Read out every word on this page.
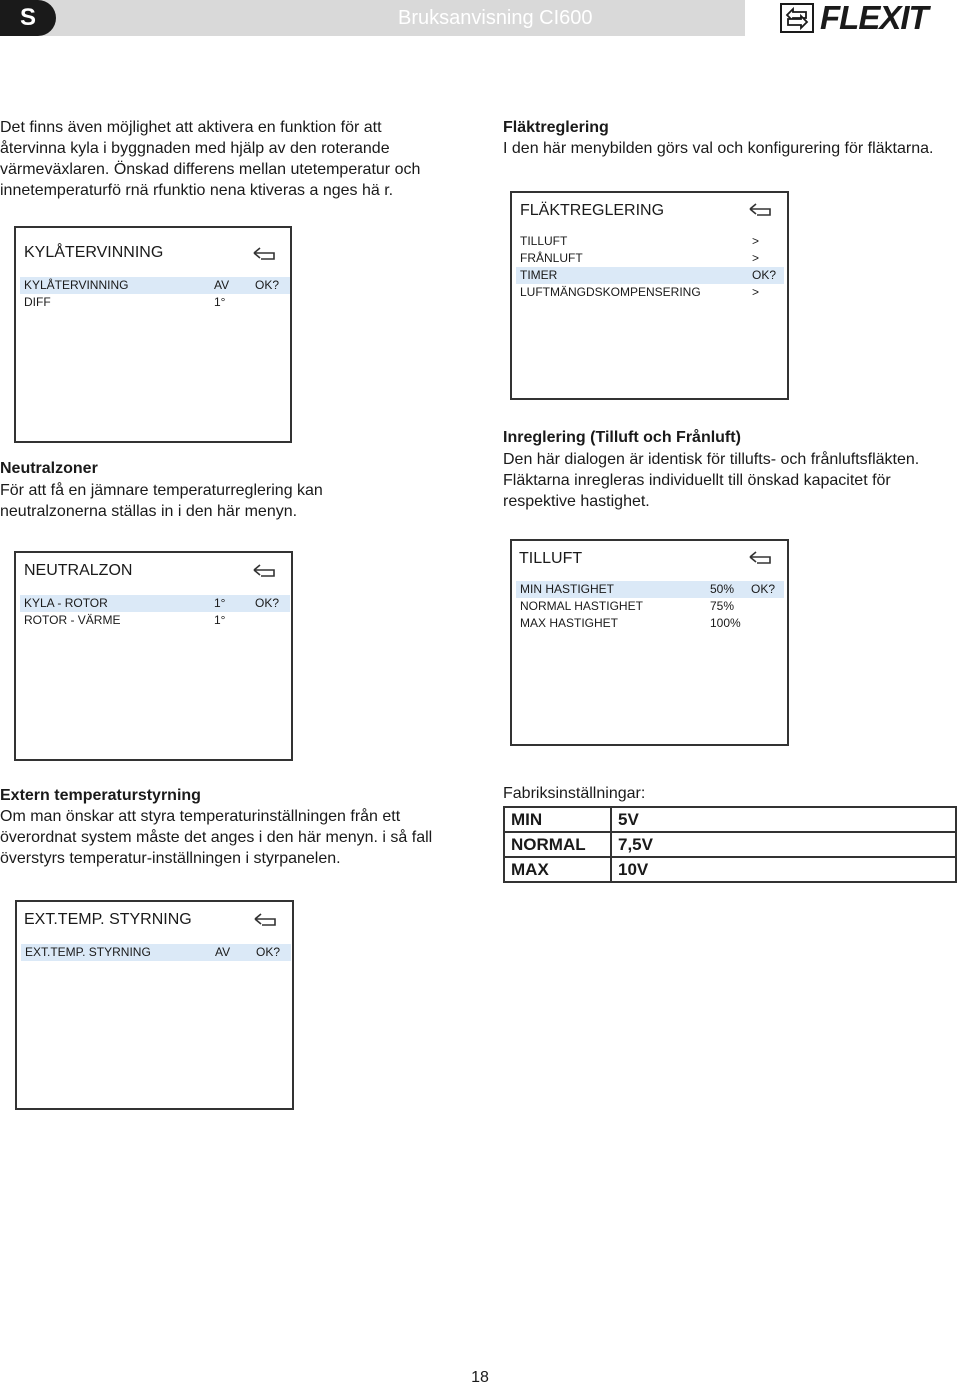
S	Bruksanvisning CI600	FLEXIT
Det finns även möjlighet att aktivera en funktion för att återvinna kyla i byggnaden med hjälp av den roterande värmeväxlaren. Önskad differens mellan utetemperatur och innetemperaturfö rnä rfunktio nena ktiveras a nges hä r.
KYLÅTERVINNING
KYLÅTERVINNING	AV OK?
DIFF	1°
Fläktreglering
I den här menybilden görs val och konfigurering för fläktarna.
FLÄKTREGLERING
TILLUFT	>
FRÅNLUFT	>
TIMER	OK?
LUFTMÄNGDSKOMPENSERING	>
Neutralzoner
För att få en jämnare temperaturreglering kan neutralzonerna ställas in i den här menyn.
NEUTRALZON
KYLA - ROTOR	1° OK?
ROTOR - VÄRME	1°
Inreglering (Tilluft och Frånluft)
Den här dialogen är identisk för tillufts- och frånluftsfläkten. Fläktarna inregleras individuellt till önskad kapacitet för respektive hastighet.
TILLUFT
MIN HASTIGHET	50% OK?
NORMAL HASTIGHET	75%
MAX HASTIGHET	100%
Extern temperaturstyrning
Om man önskar att styra temperaturinställningen från ett överordnat system måste det anges i den här menyn. i så fall överstyrs temperatur-inställningen i styrpanelen.
EXT.TEMP. STYRNING
EXT.TEMP. STYRNING	AV OK?
Fabriksinställningar:
MIN	5V
NORMAL	7,5V
MAX	10V
18
